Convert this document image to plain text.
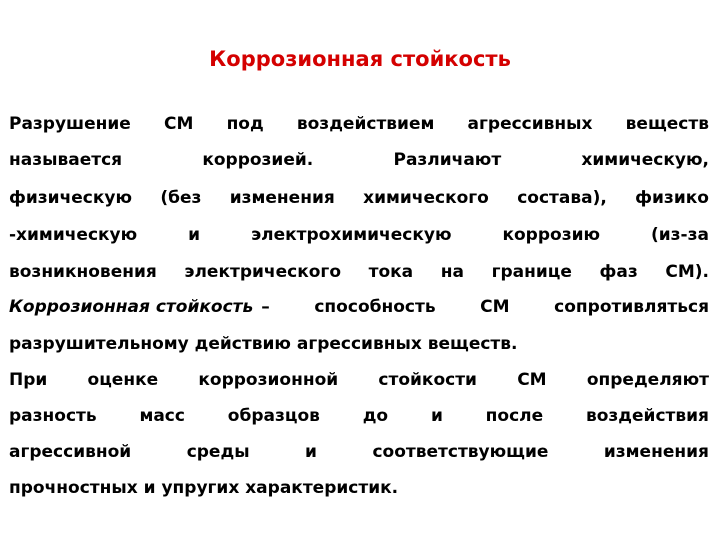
Коррозионная стойкость
Разрушение СМ под воздействием агрессивных веществ
называется	коррозией.	Различают	химическую,
физическую (без изменения химического состава), физико
-химическую	и	электрохимическую	коррозию	(из-за
возникновения электрического тока на границе фаз СМ).
Коррозионная стойкость –	способность	СМ	сопротивляться
разрушительному действию агрессивных веществ.
При оценке коррозионной стойкости СМ определяют
разность	масс	образцов	до	и	после	воздействия
агрессивной	среды	и	соответствующие	изменения
прочностных и упругих характеристик.
